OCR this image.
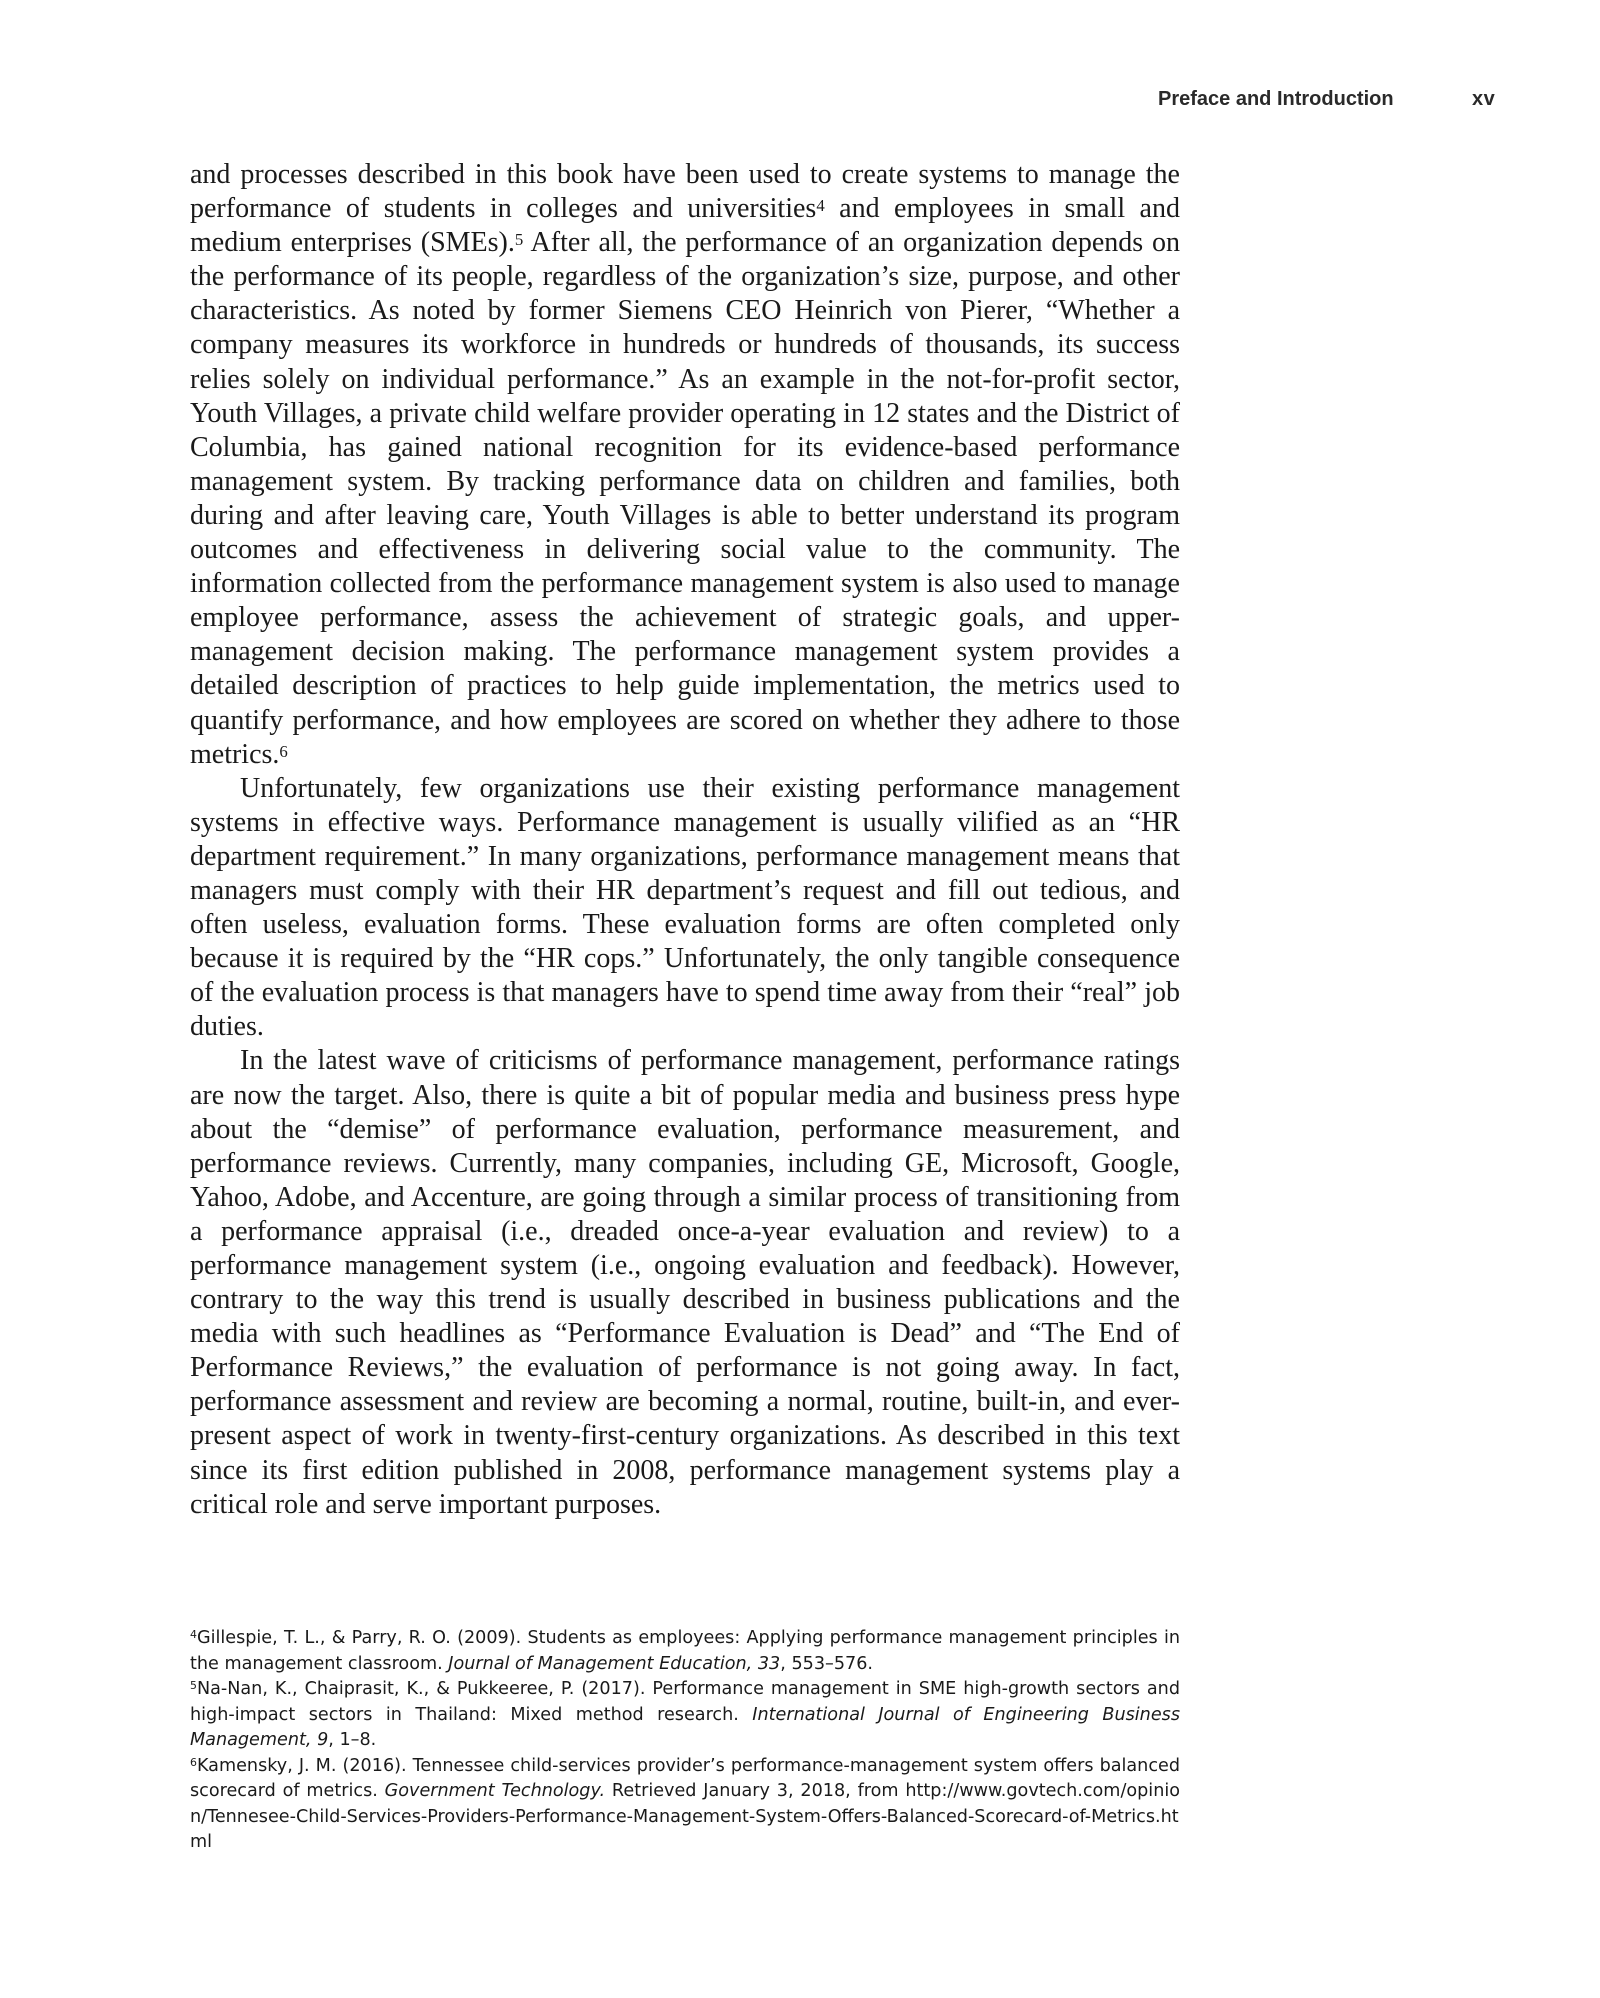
Preface and Introduction	xv

and processes described in this book have been used to create systems to manage the performance of students in colleges and universities$^4$ and employees in small and medium enterprises (SMEs).$^5$ After all, the performance of an organization depends on the performance of its people, regardless of the organization’s size, purpose, and other characteristics. As noted by former Siemens CEO Heinrich von Pierer, “Whether a company measures its workforce in hundreds or hundreds of thousands, its success relies solely on individual performance.” As an example in the not-for-profit sector, Youth Villages, a private child welfare provider operating in 12 states and the District of Columbia, has gained national recognition for its evidence-based performance management system. By tracking performance data on children and families, both during and after leaving care, Youth Villages is able to better understand its program outcomes and effectiveness in delivering social value to the community. The information collected from the performance management system is also used to manage employee performance, assess the achievement of strategic goals, and upper-management decision making. The performance management system provides a detailed description of practices to help guide implementation, the metrics used to quantify performance, and how employees are scored on whether they adhere to those metrics.$^6$

Unfortunately, few organizations use their existing performance management systems in effective ways. Performance management is usually vilified as an “HR department requirement.” In many organizations, performance management means that managers must comply with their HR department’s request and fill out tedious, and often useless, evaluation forms. These evaluation forms are often completed only because it is required by the “HR cops.” Unfortunately, the only tangible consequence of the evaluation process is that managers have to spend time away from their “real” job duties.

In the latest wave of criticisms of performance management, performance ratings are now the target. Also, there is quite a bit of popular media and business press hype about the “demise” of performance evaluation, performance measurement, and performance reviews. Currently, many companies, including GE, Microsoft, Google, Yahoo, Adobe, and Accenture, are going through a similar process of transitioning from a performance appraisal (i.e., dreaded once-a-year evaluation and review) to a performance management system (i.e., ongoing evaluation and feedback). However, contrary to the way this trend is usually described in business publications and the media with such headlines as “Performance Evaluation is Dead” and “The End of Performance Reviews,” the evaluation of performance is not going away. In fact, performance assessment and review are becoming a normal, routine, built-in, and ever-present aspect of work in twenty-first-century organizations. As described in this text since its first edition published in 2008, performance management systems play a critical role and serve important purposes.

$^4$Gillespie, T. L., & Parry, R. O. (2009). Students as employees: Applying performance management principles in the management classroom. Journal of Management Education, 33, 553–576.

$^5$Na-Nan, K., Chaiprasit, K., & Pukkeeree, P. (2017). Performance management in SME high-growth sectors and high-impact sectors in Thailand: Mixed method research. International Journal of Engineering Business Management, 9, 1–8.

$^6$Kamensky, J. M. (2016). Tennessee child-services provider’s performance-management system offers balanced scorecard of metrics. Government Technology. Retrieved January 3, 2018, from http://www.govtech.com/opinion/Tennesee-Child-Services-Providers-Performance-Management-System-Offers-Balanced-Scorecard-of-Metrics.html
